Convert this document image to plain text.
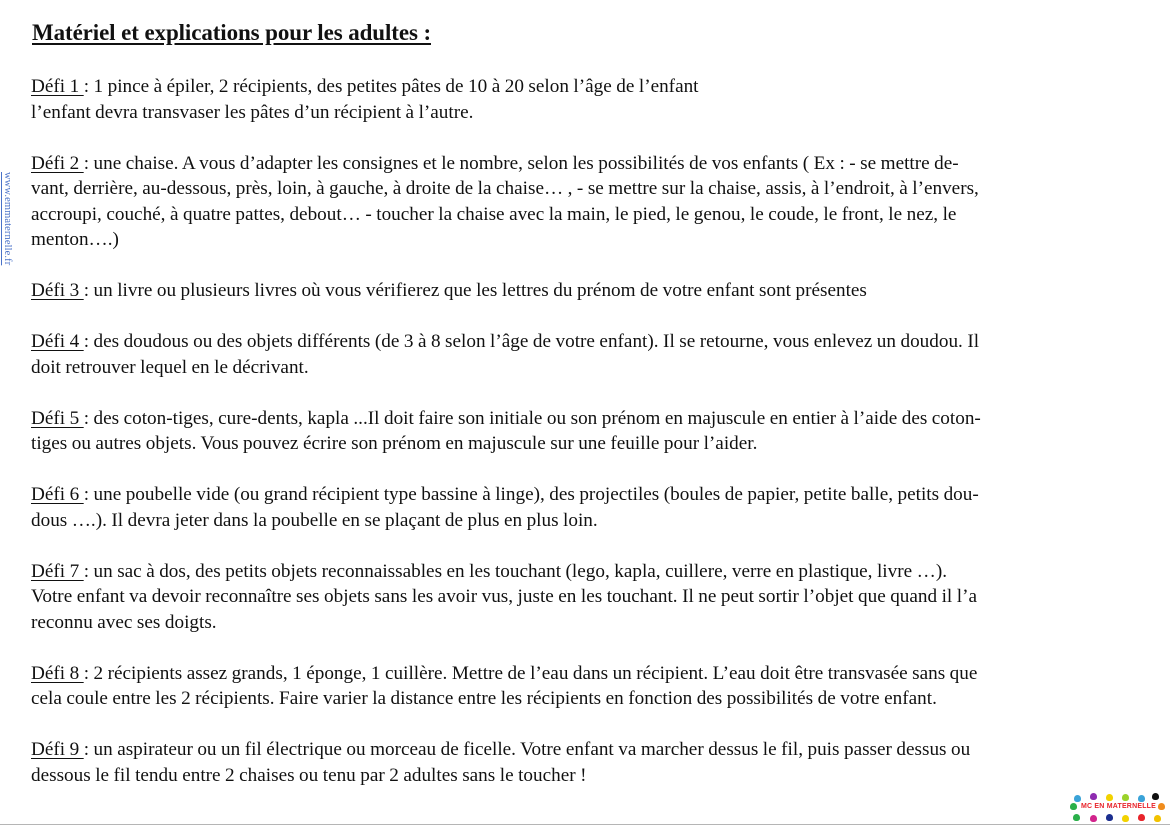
Matériel et explications pour les adultes :
www.emmaternelle.fr

Défi 1 : 1 pince à épiler, 2 récipients, des petites pâtes de 10 à 20 selon l’âge de l’enfant
l’enfant devra transvaser les pâtes d’un récipient à l’autre.

Défi 2 : une chaise. A vous d’adapter les consignes et le nombre, selon les possibilités de vos enfants ( Ex : - se mettre de-
vant, derrière, au-dessous, près, loin, à gauche, à droite de la chaise… , - se mettre sur la chaise, assis, à l’endroit, à l’envers,
accroupi, couché, à quatre pattes, debout… - toucher la chaise avec la main, le pied, le genou, le coude, le front, le nez, le
menton….)

Défi 3 : un livre ou plusieurs livres où vous vérifierez que les lettres du prénom de votre enfant sont présentes

Défi 4 : des doudous ou des objets différents (de 3 à 8 selon l’âge de votre enfant). Il se retourne, vous enlevez un doudou. Il
doit retrouver lequel en le décrivant.

Défi 5 : des coton-tiges, cure-dents, kapla ...Il doit faire son initiale ou son prénom en majuscule en entier à l’aide des coton-
tiges ou autres objets. Vous pouvez écrire son prénom en majuscule sur une feuille pour l’aider.

Défi 6 : une poubelle vide (ou grand récipient type bassine à linge), des projectiles (boules de papier, petite balle, petits dou-
dous ….). Il devra jeter dans la poubelle en se plaçant de plus en plus loin.

Défi 7 : un sac à dos, des petits objets reconnaissables en les touchant (lego, kapla, cuillere, verre en plastique, livre …).
Votre enfant va devoir reconnaître ses objets sans les avoir vus, juste en les touchant. Il ne peut sortir l’objet que quand il l’a
reconnu avec ses doigts.

Défi 8 : 2 récipients assez grands, 1 éponge, 1 cuillère. Mettre de l’eau dans un récipient. L’eau doit être transvasée sans que
cela coule entre les 2 récipients. Faire varier la distance entre les récipients en fonction des possibilités de votre enfant.

Défi 9 : un aspirateur ou un fil électrique ou morceau de ficelle. Votre enfant va marcher dessus le fil, puis passer dessus ou
dessous le fil tendu entre 2 chaises ou tenu par 2 adultes sans le toucher !

MC EN MATERNELLE
